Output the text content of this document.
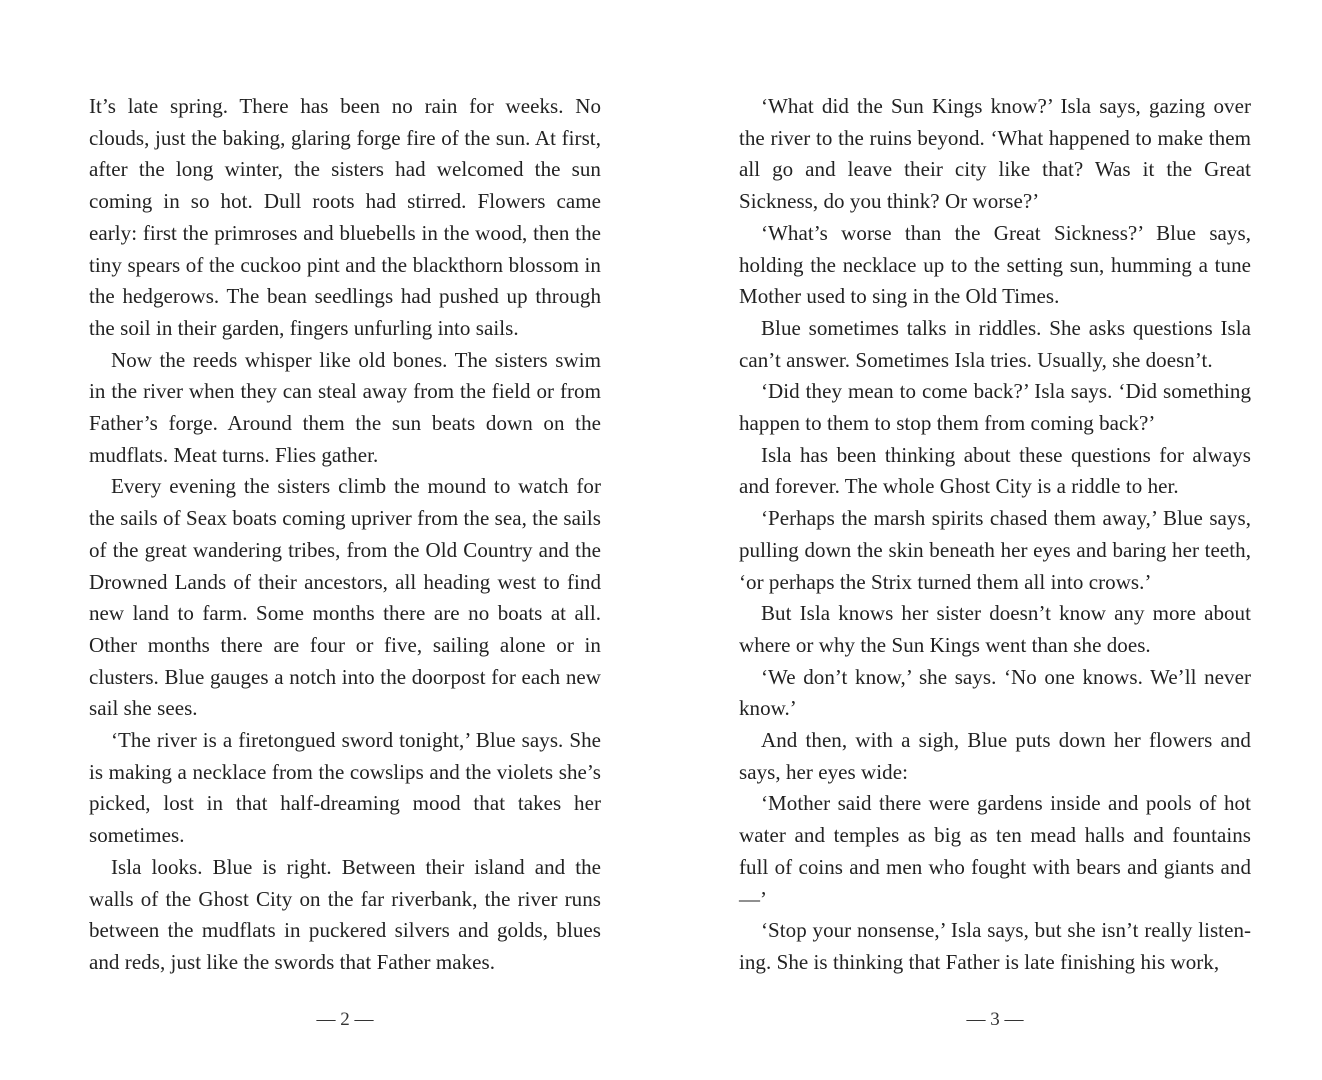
It’s late spring. There has been no rain for weeks. No clouds, just the baking, glaring forge fire of the sun. At first, after the long winter, the sisters had welcomed the sun coming in so hot. Dull roots had stirred. Flowers came early: first the primroses and bluebells in the wood, then the tiny spears of the cuckoo pint and the blackthorn blossom in the hedgerows. The bean seedlings had pushed up through the soil in their garden, fingers unfurling into sails.

Now the reeds whisper like old bones. The sisters swim in the river when they can steal away from the field or from Father’s forge. Around them the sun beats down on the mudflats. Meat turns. Flies gather.

Every evening the sisters climb the mound to watch for the sails of Seax boats coming upriver from the sea, the sails of the great wandering tribes, from the Old Country and the Drowned Lands of their ancestors, all heading west to find new land to farm. Some months there are no boats at all. Other months there are four or five, sailing alone or in clusters. Blue gauges a notch into the doorpost for each new sail she sees.

‘The river is a firetongued sword tonight,’ Blue says. She is making a necklace from the cowslips and the violets she’s picked, lost in that half-dreaming mood that takes her sometimes.

Isla looks. Blue is right. Between their island and the walls of the Ghost City on the far riverbank, the river runs between the mudflats in puckered silvers and golds, blues and reds, just like the swords that Father makes.

— 2 —

‘What did the Sun Kings know?’ Isla says, gazing over the river to the ruins beyond. ‘What happened to make them all go and leave their city like that? Was it the Great Sickness, do you think? Or worse?’

‘What’s worse than the Great Sickness?’ Blue says, holding the necklace up to the setting sun, humming a tune Mother used to sing in the Old Times.

Blue sometimes talks in riddles. She asks questions Isla can’t answer. Sometimes Isla tries. Usually, she doesn’t.

‘Did they mean to come back?’ Isla says. ‘Did something happen to them to stop them from coming back?’

Isla has been thinking about these questions for always and forever. The whole Ghost City is a riddle to her.

‘Perhaps the marsh spirits chased them away,’ Blue says, pulling down the skin beneath her eyes and baring her teeth, ‘or perhaps the Strix turned them all into crows.’

But Isla knows her sister doesn’t know any more about where or why the Sun Kings went than she does.

‘We don’t know,’ she says. ‘No one knows. We’ll never know.’

And then, with a sigh, Blue puts down her flowers and says, her eyes wide:

‘Mother said there were gardens inside and pools of hot water and temples as big as ten mead halls and fountains full of coins and men who fought with bears and giants and—’

‘Stop your nonsense,’ Isla says, but she isn’t really listening. She is thinking that Father is late finishing his work,

— 3 —
